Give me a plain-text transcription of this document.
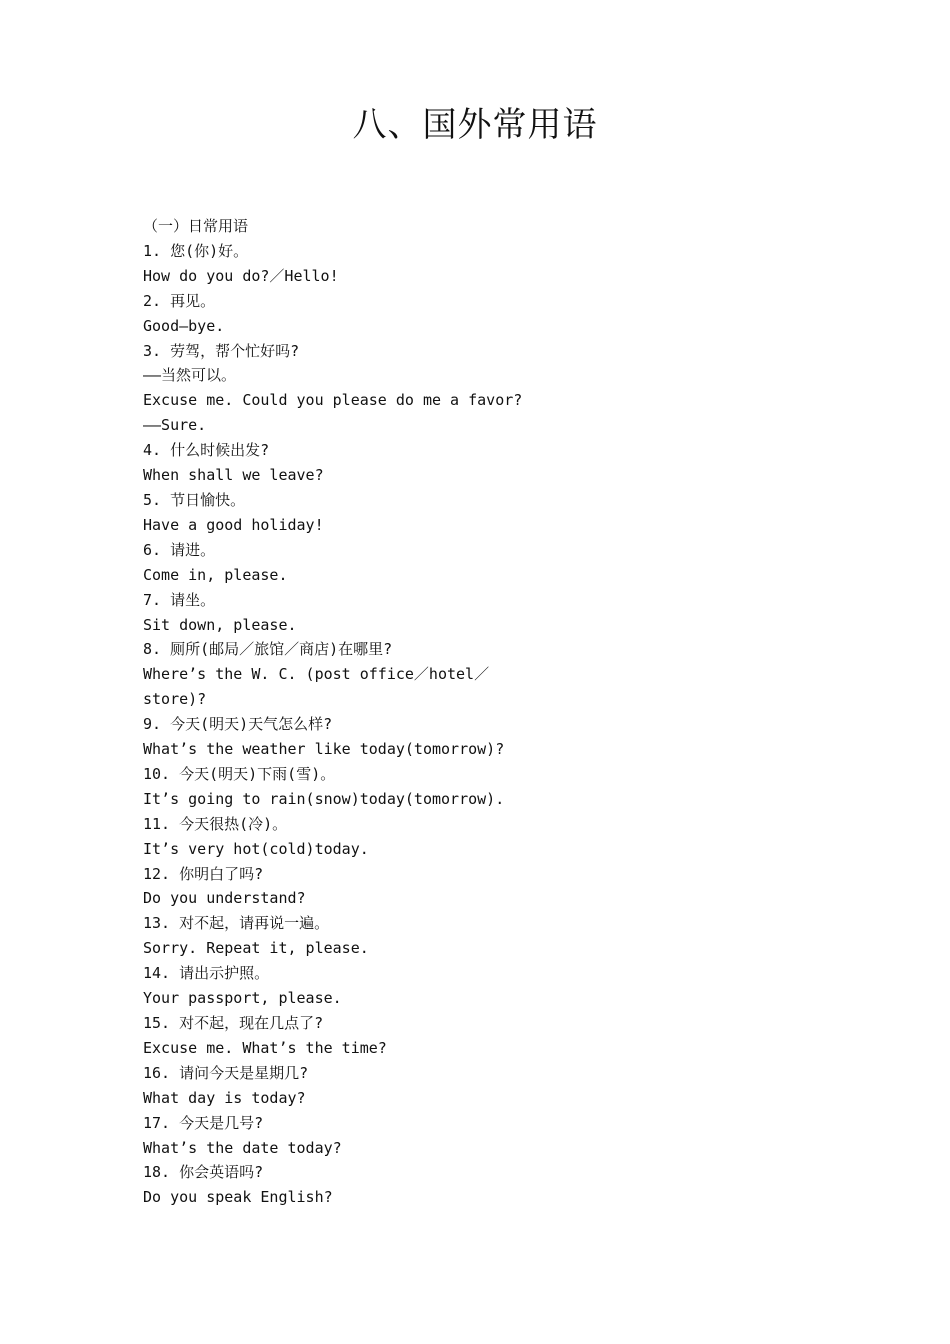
八、国外常用语
（一）日常用语
1. 您(你)好。
How do you do?／Hello!
2. 再见。
Good—bye.
3. 劳驾，帮个忙好吗?
——当然可以。
Excuse me. Could you please do me a favor?
——Sure.
4. 什么时候出发?
When shall we leave?
5. 节日愉快。
Have a good holiday!
6. 请进。
Come in, please.
7. 请坐。
Sit down, please.
8. 厕所(邮局／旅馆／商店)在哪里?
Where’s the W. C. (post office／hotel／
store)?
9. 今天(明天)天气怎么样?
What’s the weather like today(tomorrow)?
10. 今天(明天)下雨(雪)。
It’s going to rain(snow)today(tomorrow).
11. 今天很热(冷)。
It’s very hot(cold)today.
12. 你明白了吗?
Do you understand?
13. 对不起，请再说一遍。
Sorry. Repeat it, please.
14. 请出示护照。
Your passport, please.
15. 对不起，现在几点了?
Excuse me. What’s the time?
16. 请问今天是星期几?
What day is today?
17. 今天是几号?
What’s the date today?
18. 你会英语吗?
Do you speak English?
